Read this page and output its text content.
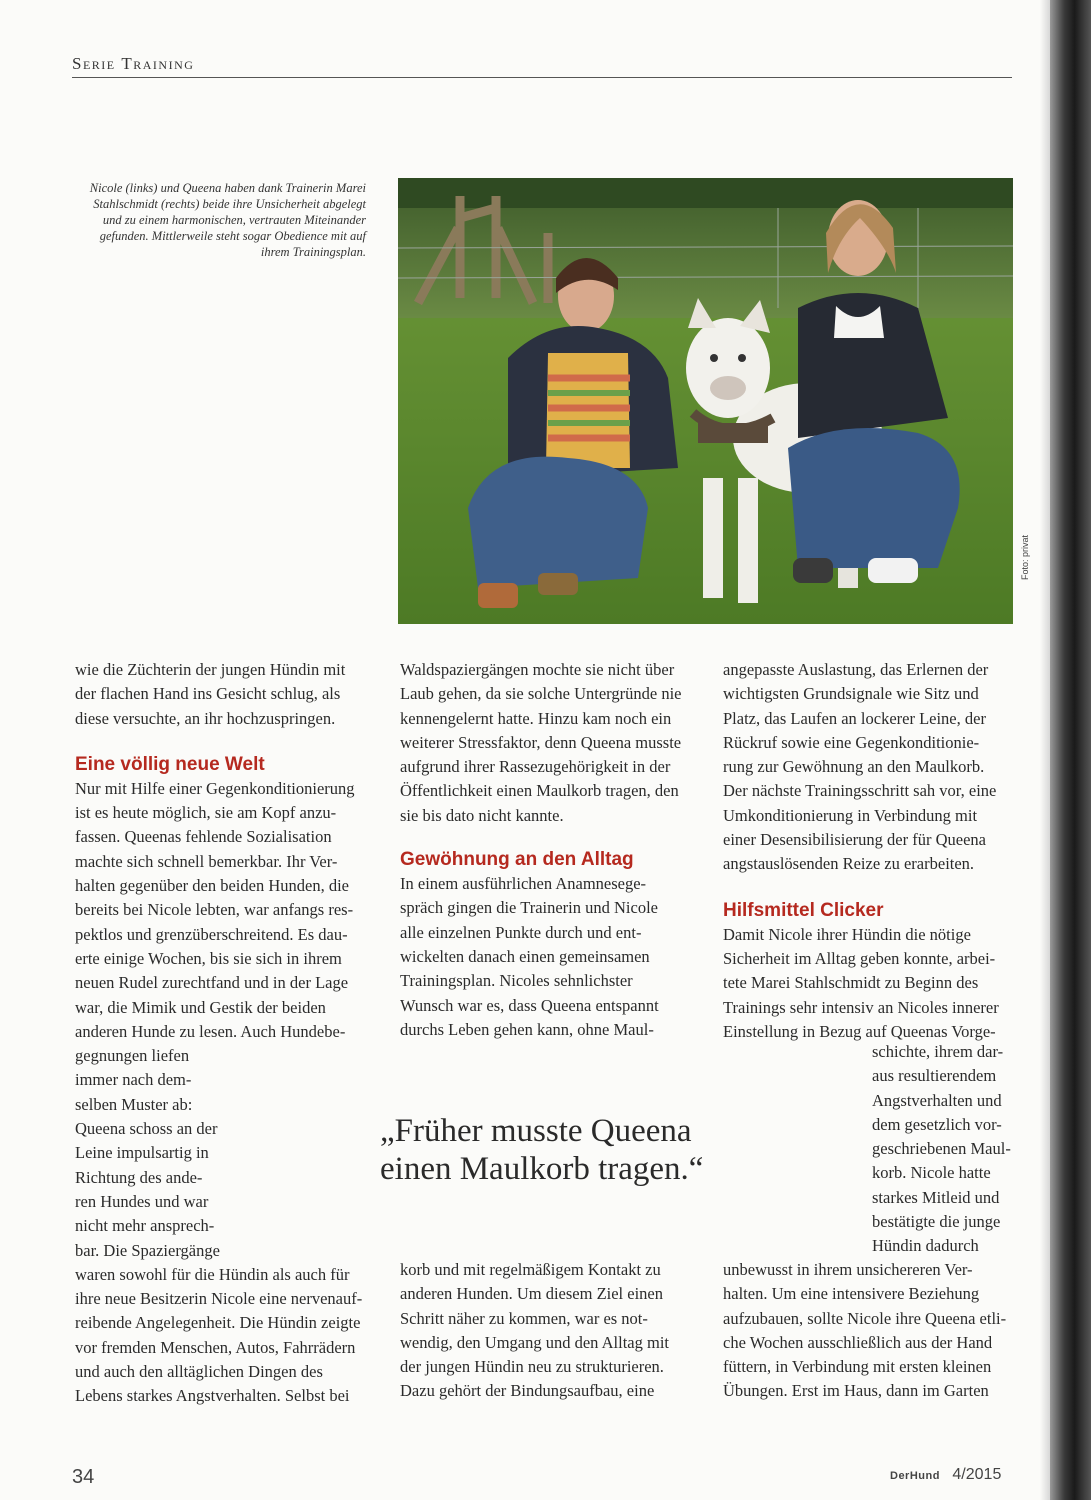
Serie Training
Nicole (links) und Queena haben dank Trainerin Marei Stahlschmidt (rechts) beide ihre Unsicherheit abgelegt und zu einem harmonischen, vertrauten Miteinander gefunden. Mittlerweile steht sogar Obedience mit auf ihrem Trainingsplan.
Foto: privat
wie die Züchterin der jungen Hündin mit
der flachen Hand ins Gesicht schlug, als
diese versuchte, an ihr hochzuspringen.
Eine völlig neue Welt
Nur mit Hilfe einer Gegenkonditionierung
ist es heute möglich, sie am Kopf anzu-
fassen. Queenas fehlende Sozialisation
machte sich schnell bemerkbar. Ihr Ver-
halten gegenüber den beiden Hunden, die
bereits bei Nicole lebten, war anfangs res-
pektlos und grenzüberschreitend. Es dau-
erte einige Wochen, bis sie sich in ihrem
neuen Rudel zurechtfand und in der Lage
war, die Mimik und Gestik der beiden
anderen Hunde zu lesen. Auch Hundebe-
gegnungen liefen
immer nach dem-
selben Muster ab:
Queena schoss an der
Leine impulsartig in
Richtung des ande-
ren Hundes und war
nicht mehr ansprech-
bar. Die Spaziergänge
waren sowohl für die Hündin als auch für
ihre neue Besitzerin Nicole eine nervenauf-
reibende Angelegenheit. Die Hündin zeigte
vor fremden Menschen, Autos, Fahrrädern
und auch den alltäglichen Dingen des
Lebens starkes Angstverhalten. Selbst bei
Waldspaziergängen mochte sie nicht über
Laub gehen, da sie solche Untergründe nie
kennengelernt hatte. Hinzu kam noch ein
weiterer Stressfaktor, denn Queena musste
aufgrund ihrer Rassezugehörigkeit in der
Öffentlichkeit einen Maulkorb tragen, den
sie bis dato nicht kannte.
Gewöhnung an den Alltag
In einem ausführlichen Anamnesege-
spräch gingen die Trainerin und Nicole
alle einzelnen Punkte durch und ent-
wickelten danach einen gemeinsamen
Trainingsplan. Nicoles sehnlichster
Wunsch war es, dass Queena entspannt
durchs Leben gehen kann, ohne Maul-
korb und mit regelmäßigem Kontakt zu
anderen Hunden. Um diesem Ziel einen
Schritt näher zu kommen, war es not-
wendig, den Umgang und den Alltag mit
der jungen Hündin neu zu strukturieren.
Dazu gehört der Bindungsaufbau, eine
angepasste Auslastung, das Erlernen der
wichtigsten Grundsignale wie Sitz und
Platz, das Laufen an lockerer Leine, der
Rückruf sowie eine Gegenkonditionie-
rung zur Gewöhnung an den Maulkorb.
Der nächste Trainingsschritt sah vor, eine
Umkonditionierung in Verbindung mit
einer Desensibilisierung der für Queena
angstauslösenden Reize zu erarbeiten.
Hilfsmittel Clicker
Damit Nicole ihrer Hündin die nötige
Sicherheit im Alltag geben konnte, arbei-
tete Marei Stahlschmidt zu Beginn des
Trainings sehr intensiv an Nicoles innerer
Einstellung in Bezug auf Queenas Vorge-
schichte, ihrem dar-
aus resultierendem
Angstverhalten und
dem gesetzlich vor-
geschriebenen Maul-
korb. Nicole hatte
starkes Mitleid und
bestätigte die junge
Hündin dadurch
unbewusst in ihrem unsichereren Ver-
halten. Um eine intensivere Beziehung
aufzubauen, sollte Nicole ihre Queena etli-
che Wochen ausschließlich aus der Hand
füttern, in Verbindung mit ersten kleinen
Übungen. Erst im Haus, dann im Garten
„Früher musste Queena einen Maulkorb tragen.“
34	DerHund 4/2015
